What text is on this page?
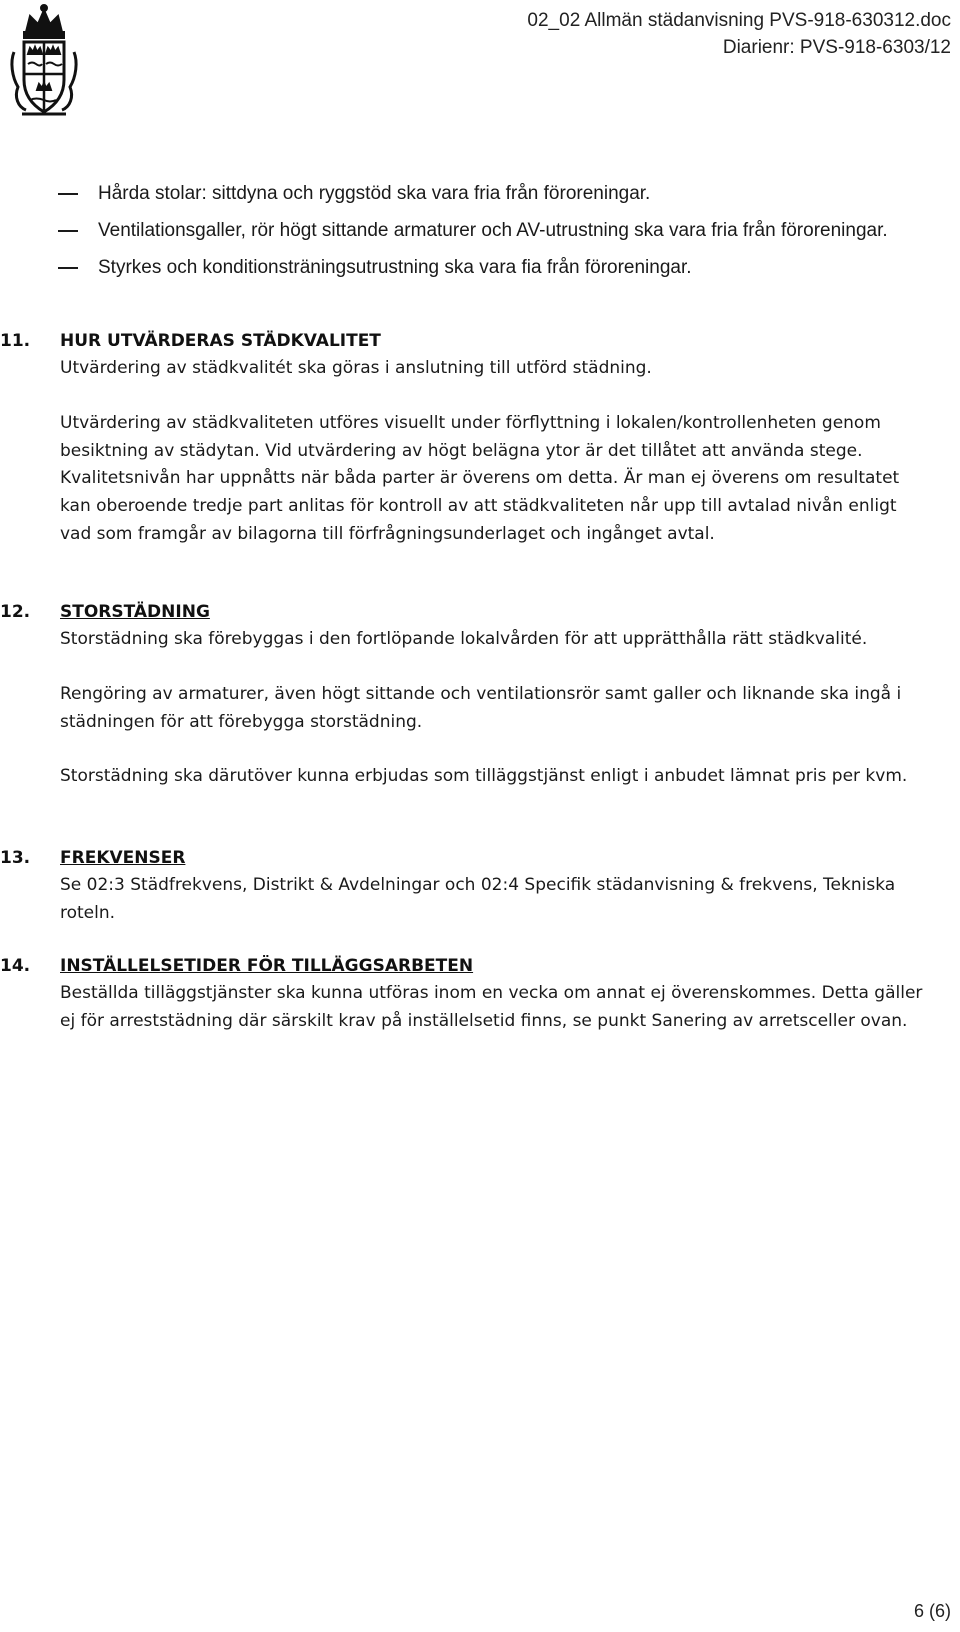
02_02 Allmän städanvisning PVS-918-630312.doc
Diarienr: PVS-918-6303/12
Hårda stolar: sittdyna och ryggstöd ska vara fria från föroreningar.
Ventilationsgaller, rör högt sittande armaturer och AV-utrustning ska vara fria från föroreningar.
Styrkes och konditionsträningsutrustning ska vara fia från föroreningar.
11. HUR UTVÄRDERAS STÄDKVALITET
Utvärdering av städkvalitét ska göras i anslutning till utförd städning.
Utvärdering av städkvaliteten utföres visuellt under förflyttning i lokalen/kontrollenheten genom besiktning av städytan. Vid utvärdering av högt belägna ytor är det tillåtet att använda stege. Kvalitetsnivån har uppnåtts när båda parter är överens om detta. Är man ej överens om resultatet kan oberoende tredje part anlitas för kontroll av att städkvaliteten når upp till avtalad nivån enligt vad som framgår av bilagorna till förfrågningsunderlaget och ingånget avtal.
12. STORSTÄDNING
Storstädning ska förebyggas i den fortlöpande lokalvården för att upprätthålla rätt städkvalité.
Rengöring av armaturer, även högt sittande och ventilationsrör samt galler och liknande ska ingå i städningen för att förebygga storstädning.
Storstädning ska därutöver kunna erbjudas som tilläggstjänst enligt i anbudet lämnat pris per kvm.
13. FREKVENSER
Se 02:3 Städfrekvens, Distrikt & Avdelningar och 02:4 Specifik städanvisning & frekvens, Tekniska roteln.
14. INSTÄLLELSETIDER FÖR TILLÄGGSARBETEN
Beställda tilläggstjänster ska kunna utföras inom en vecka om annat ej överenskommes. Detta gäller ej för arreststädning där särskilt krav på inställelsetid finns, se punkt Sanering av arretsceller ovan.
6 (6)
